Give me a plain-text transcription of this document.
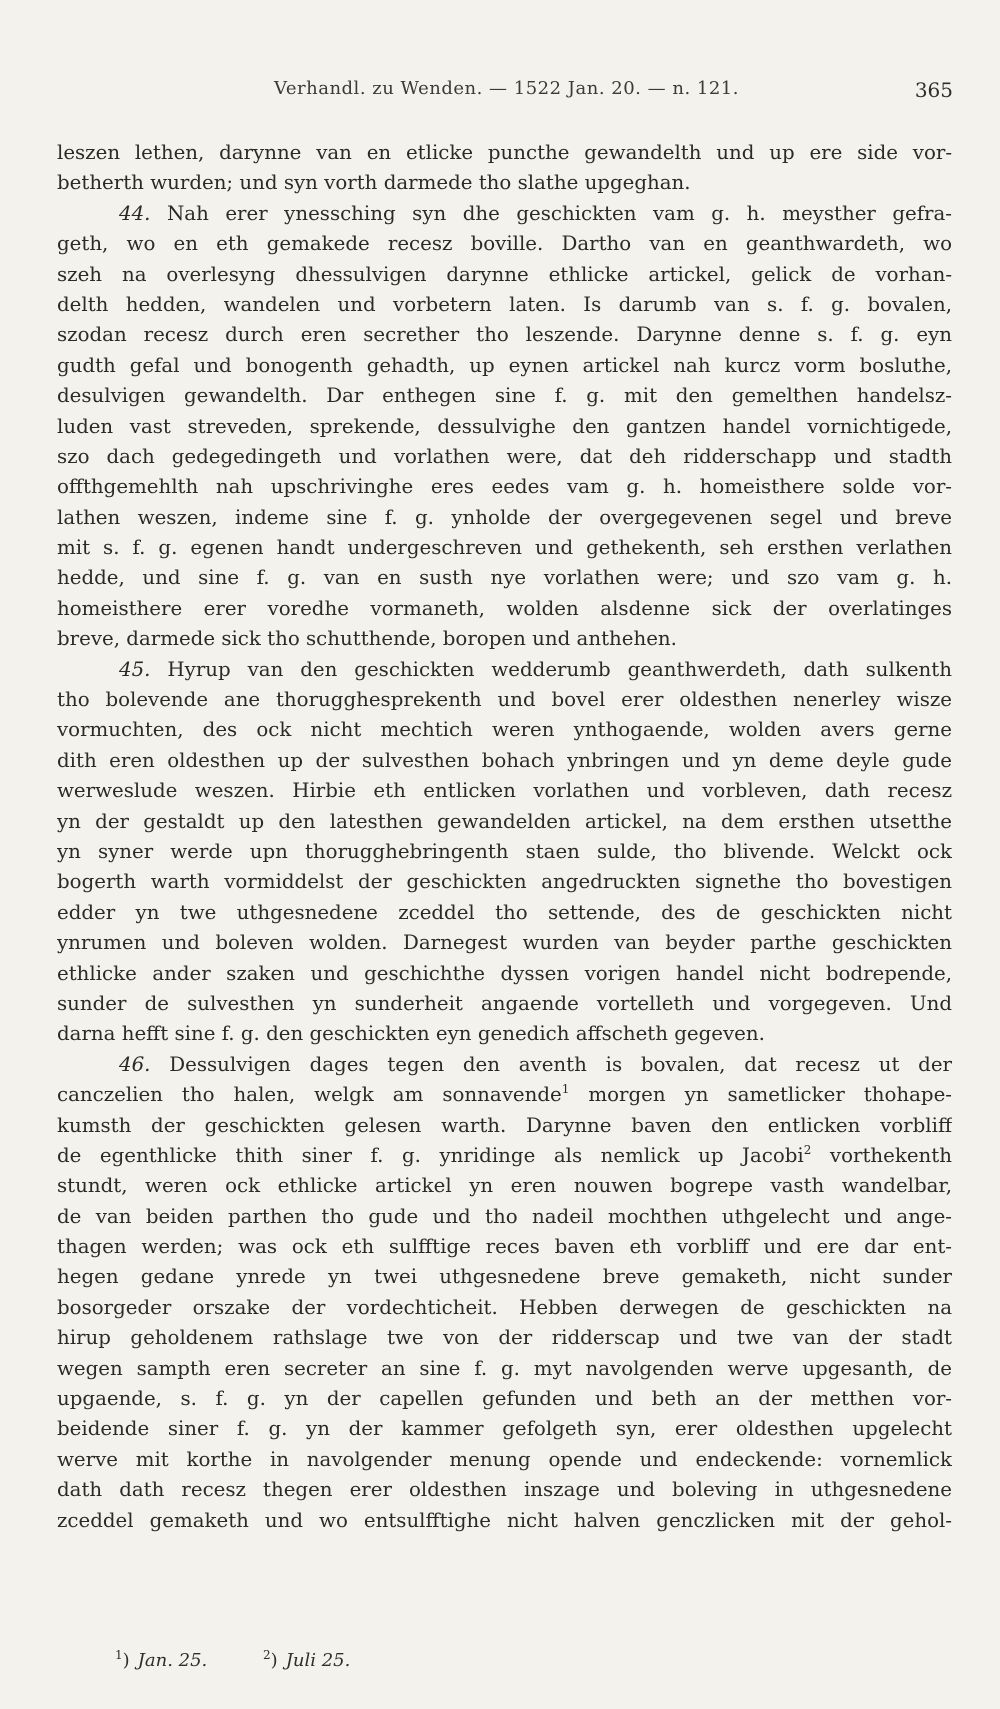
Verhandl. zu Wenden. — 1522 Jan. 20. — n. 121.	365
leszen lethen, darynne van en etlicke puncthe gewandelth und up ere side vor-
betherth wurden; und syn vorth darmede tho slathe upgeghan.
44. Nah erer ynessching syn dhe geschickten vam g. h. meysther gefra-
geth, wo en eth gemakede recesz boville. Dartho van en geanthwardeth, wo
szeh na overlesyng dhessulvigen darynne ethlicke artickel, gelick de vorhan-
delth hedden, wandelen und vorbetern laten. Is darumb van s. f. g. bovalen,
szodan recesz durch eren secrether tho leszende. Darynne denne s. f. g. eyn
gudth gefal und bonogenth gehadth, up eynen artickel nah kurcz vorm bosluthe,
desulvigen gewandelth. Dar enthegen sine f. g. mit den gemelthen handelsz-
luden vast streveden, sprekende, dessulvighe den gantzen handel vornichtigede,
szo dach gedegedingeth und vorlathen were, dat deh ridderschapp und stadth
offthgemehlth nah upschrivinghe eres eedes vam g. h. homeisthere solde vor-
lathen weszen, indeme sine f. g. ynholde der overgegevenen segel und breve
mit s. f. g. egenen handt undergeschreven und gethekenth, seh ersthen verlathen
hedde, und sine f. g. van en susth nye vorlathen were; und szo vam g. h.
homeisthere erer voredhe vormaneth, wolden alsdenne sick der overlatinges
breve, darmede sick tho schutthende, boropen und anthehen.
45. Hyrup van den geschickten wedderumb geanthwerdeth, dath sulkenth
tho bolevende ane thorugghesprekenth und bovel erer oldesthen nenerley wisze
vormuchten, des ock nicht mechtich weren ynthogaende, wolden avers gerne
dith eren oldesthen up der sulvesthen bohach ynbringen und yn deme deyle gude
werweslude weszen. Hirbie eth entlicken vorlathen und vorbleven, dath recesz
yn der gestaldt up den latesthen gewandelden artickel, na dem ersthen utsetthe
yn syner werde upn thorugghebringenth staen sulde, tho blivende. Welckt ock
bogerth warth vormiddelst der geschickten angedruckten signethe tho bovestigen
edder yn twe uthgesnedene zceddel tho settende, des de geschickten nicht
ynrumen und boleven wolden. Darnegest wurden van beyder parthe geschickten
ethlicke ander szaken und geschichthe dyssen vorigen handel nicht bodrepende,
sunder de sulvesthen yn sunderheit angaende vortelleth und vorgegeven. Und
darna hefft sine f. g. den geschickten eyn genedich affscheth gegeven.
46. Dessulvigen dages tegen den aventh is bovalen, dat recesz ut der
canczelien tho halen, welgk am sonnavende$^1$ morgen yn sametlicker thohape-
kumsth der geschickten gelesen warth. Darynne baven den entlicken vorbliff
de egenthlicke thith siner f. g. ynridinge als nemlick up Jacobi$^2$ vorthekenth
stundt, weren ock ethlicke artickel yn eren nouwen bogrepe vasth wandelbar,
de van beiden parthen tho gude und tho nadeil mochthen uthgelecht und ange-
thagen werden; was ock eth sulfftige reces baven eth vorbliff und ere dar ent-
hegen gedane ynrede yn twei uthgesnedene breve gemaketh, nicht sunder
bosorgeder orszake der vordechticheit. Hebben derwegen de geschickten na
hirup geholdenem rathslage twe von der ridderscap und twe van der stadt
wegen sampth eren secreter an sine f. g. myt navolgenden werve upgesanth, de
upgaende, s. f. g. yn der capellen gefunden und beth an der metthen vor-
beidende siner f. g. yn der kammer gefolgeth syn, erer oldesthen upgelecht
werve mit korthe in navolgender menung opende und endeckende: vornemlick
dath dath recesz thegen erer oldesthen inszage und boleving in uthgesnedene
zceddel gemaketh und wo entsulfftighe nicht halven genczlicken mit der gehol-
$^1$) Jan. 25.	$^2$) Juli 25.
